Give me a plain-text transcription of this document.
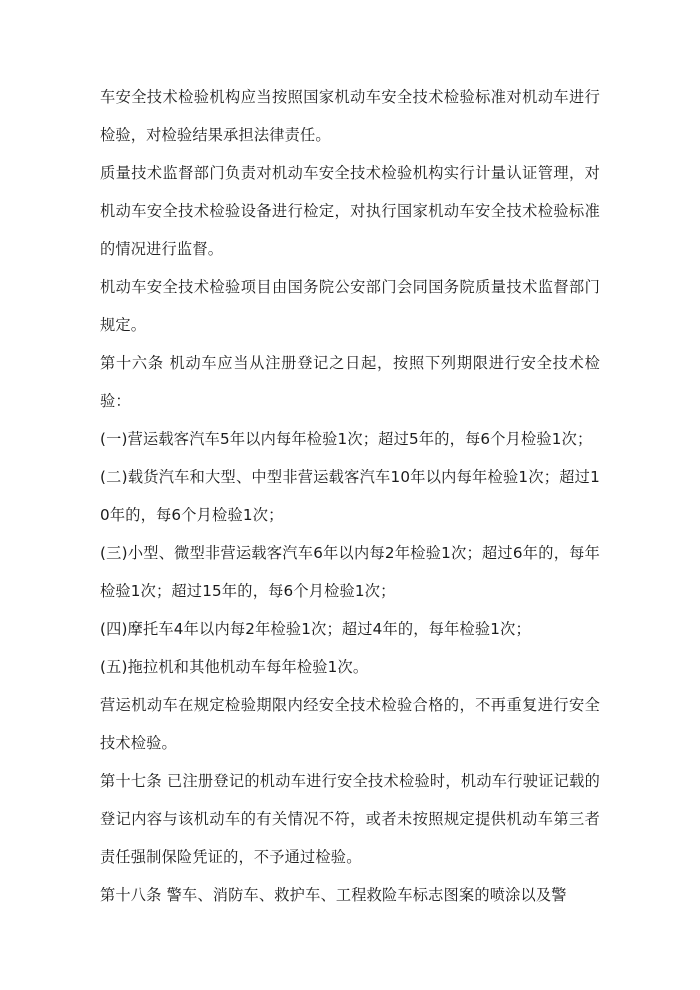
车安全技术检验机构应当按照国家机动车安全技术检验标准对机动车进行检验，对检验结果承担法律责任。

质量技术监督部门负责对机动车安全技术检验机构实行计量认证管理，对机动车安全技术检验设备进行检定，对执行国家机动车安全技术检验标准的情况进行监督。

机动车安全技术检验项目由国务院公安部门会同国务院质量技术监督部门规定。

第十六条 机动车应当从注册登记之日起，按照下列期限进行安全技术检验：

(一)营运载客汽车5年以内每年检验1次；超过5年的，每6个月检验1次；

(二)载货汽车和大型、中型非营运载客汽车10年以内每年检验1次；超过10年的，每6个月检验1次；

(三)小型、微型非营运载客汽车6年以内每2年检验1次；超过6年的，每年检验1次；超过15年的，每6个月检验1次；

(四)摩托车4年以内每2年检验1次；超过4年的，每年检验1次；

(五)拖拉机和其他机动车每年检验1次。

营运机动车在规定检验期限内经安全技术检验合格的，不再重复进行安全技术检验。

第十七条 已注册登记的机动车进行安全技术检验时，机动车行驶证记载的登记内容与该机动车的有关情况不符，或者未按照规定提供机动车第三者责任强制保险凭证的，不予通过检验。

第十八条 警车、消防车、救护车、工程救险车标志图案的喷涂以及警
